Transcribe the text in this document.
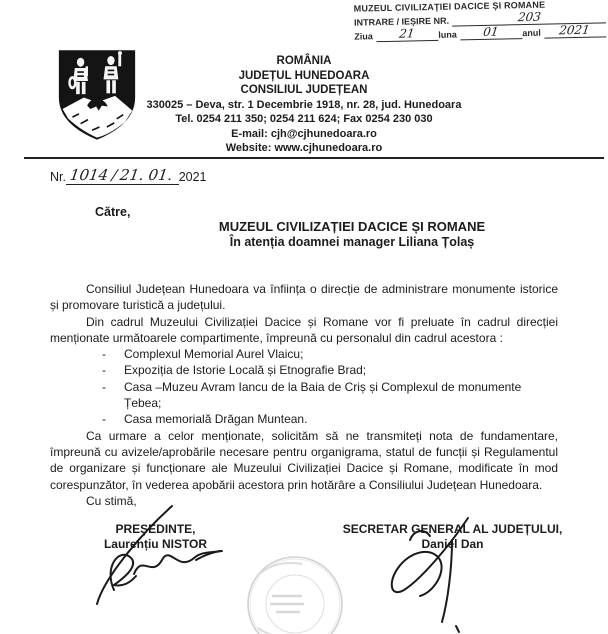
MUZEUL CIVILIZAȚIEI DACICE ȘI ROMANE
INTRARE / IEȘIRE NR.	203
Ziua	21	luna	01	anul	2021
ROMÂNIA
JUDEȚUL HUNEDOARA
CONSILIUL JUDEȚEAN
330025 – Deva, str. 1 Decembrie 1918, nr. 28, jud. Hunedoara
Tel. 0254 211 350; 0254 211 624; Fax 0254 230 030
E-mail: cjh@cjhunedoara.ro
Website: www.cjhunedoara.ro
Nr. 1014 / 21. 01. 2021
Către,
MUZEUL CIVILIZAȚIEI DACICE ȘI ROMANE
În atenția doamnei manager Liliana Țolaș

Consiliul Județean Hunedoara va înființa o direcție de administrare monumente istorice și promovare turistică a județului.

Din cadrul Muzeului Civilizației Dacice și Romane vor fi preluate în cadrul direcției menționate următoarele compartimente, împreună cu personalul din cadrul acestora :

- Complexul Memorial Aurel Vlaicu;
- Expoziția de Istorie Locală și Etnografie Brad;
- Casa –Muzeu Avram Iancu de la Baia de Criș și Complexul de monumente Țebea;
- Casa memorială Drăgan Muntean.

Ca urmare a celor menționate, solicităm să ne transmiteți nota de fundamentare, împreună cu avizele/aprobările necesare pentru organigrama, statul de funcții și Regulamentul de organizare și funcționare ale Muzeului Civilizației Dacice și Romane, modificate în mod corespunzător, în vederea apobării acestora prin hotărâre a Consiliului Județean Hunedoara.

Cu stimă,

PREȘEDINTE,
Laurențiu NISTOR
SECRETAR GENERAL AL JUDEȚULUI,
Daniel Dan
